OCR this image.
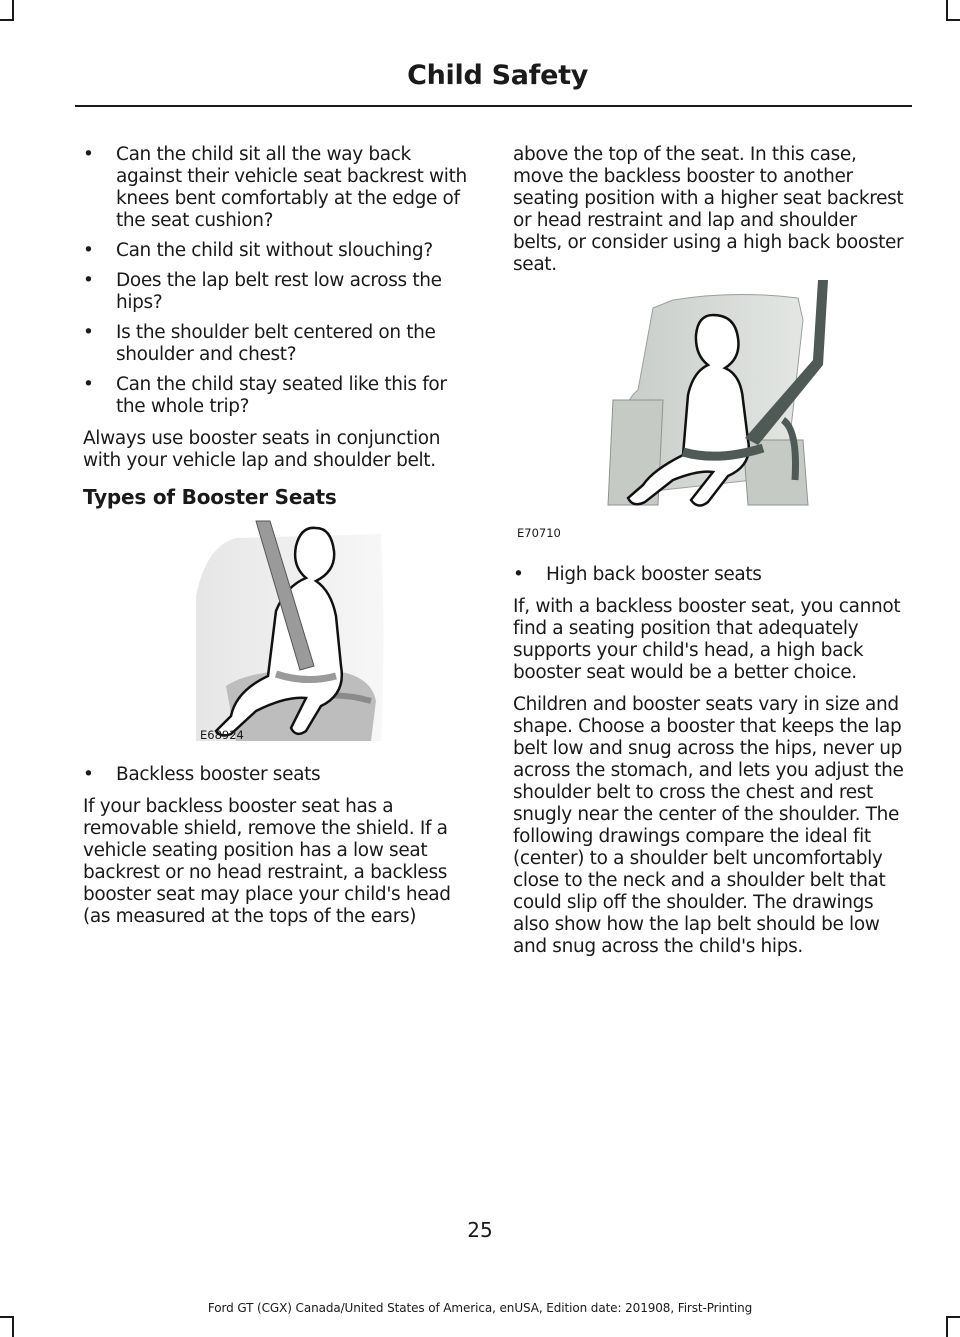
Child Safety
• Can the child sit all the way back against their vehicle seat backrest with knees bent comfortably at the edge of the seat cushion?
• Can the child sit without slouching?
• Does the lap belt rest low across the hips?
• Is the shoulder belt centered on the shoulder and chest?
• Can the child stay seated like this for the whole trip?

Always use booster seats in conjunction with your vehicle lap and shoulder belt.

Types of Booster Seats
E68924
• Backless booster seats

If your backless booster seat has a removable shield, remove the shield. If a vehicle seating position has a low seat backrest or no head restraint, a backless booster seat may place your child's head (as measured at the tops of the ears)

above the top of the seat. In this case, move the backless booster to another seating position with a higher seat backrest or head restraint and lap and shoulder belts, or consider using a high back booster seat.

E70710
• High back booster seats

If, with a backless booster seat, you cannot find a seating position that adequately supports your child's head, a high back booster seat would be a better choice.

Children and booster seats vary in size and shape. Choose a booster that keeps the lap belt low and snug across the hips, never up across the stomach, and lets you adjust the shoulder belt to cross the chest and rest snugly near the center of the shoulder. The following drawings compare the ideal fit (center) to a shoulder belt uncomfortably close to the neck and a shoulder belt that could slip off the shoulder. The drawings also show how the lap belt should be low and snug across the child's hips.

25
Ford GT (CGX) Canada/United States of America, enUSA, Edition date: 201908, First-Printing
